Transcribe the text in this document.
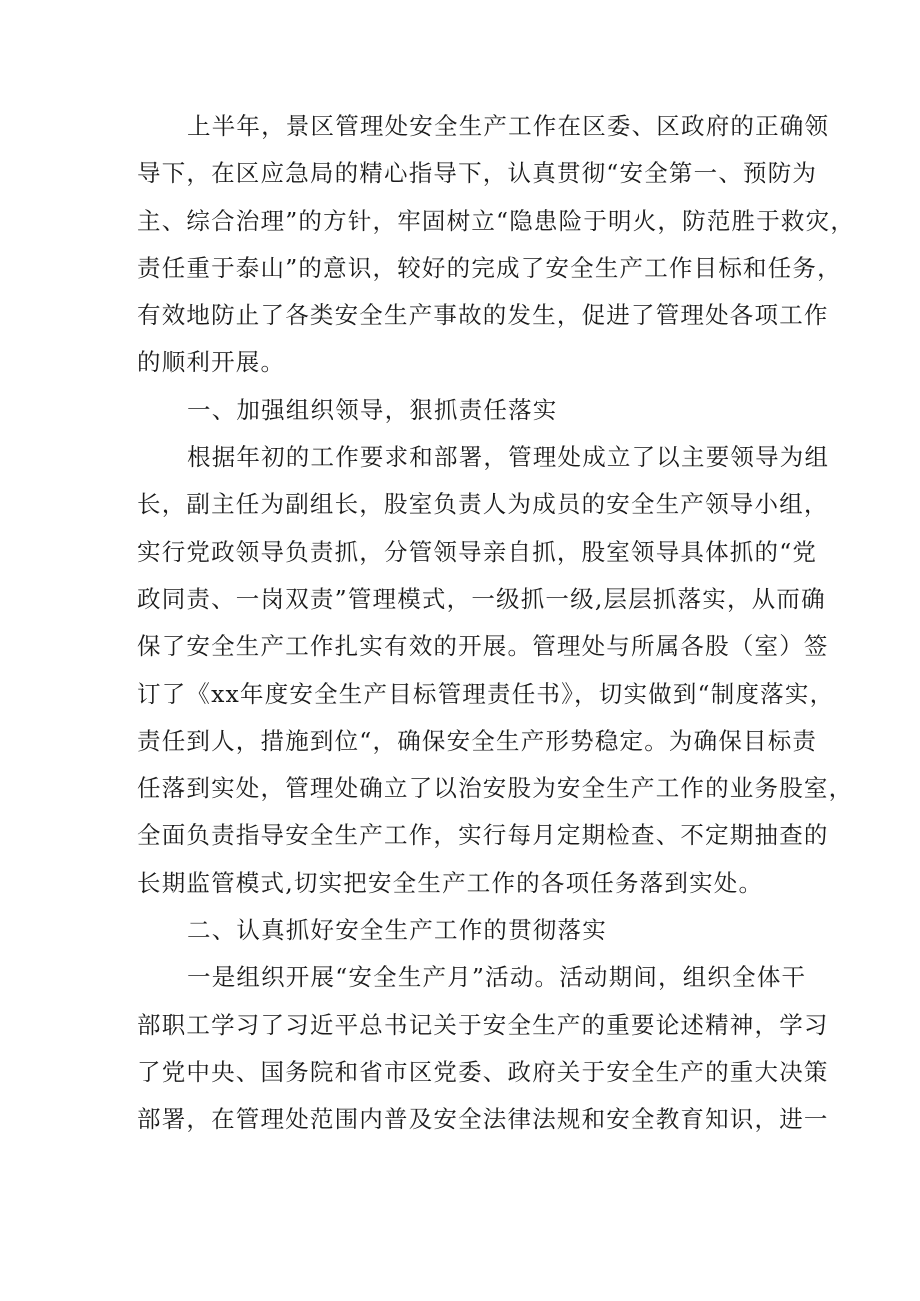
上半年，景区管理处安全生产工作在区委、区政府的正确领
导下，在区应急局的精心指导下，认真贯彻“安全第一、预防为
主、综合治理”的方针，牢固树立“隐患险于明火，防范胜于救灾，
责任重于泰山”的意识，较好的完成了安全生产工作目标和任务，
有效地防止了各类安全生产事故的发生，促进了管理处各项工作
的顺利开展。
一、加强组织领导，狠抓责任落实
根据年初的工作要求和部署，管理处成立了以主要领导为组
长，副主任为副组长，股室负责人为成员的安全生产领导小组，
实行党政领导负责抓，分管领导亲自抓，股室领导具体抓的“党
政同责、一岗双责”管理模式，一级抓一级,层层抓落实，从而确
保了安全生产工作扎实有效的开展。管理处与所属各股（室）签
订了《xx年度安全生产目标管理责任书》，切实做到“制度落实，
责任到人，措施到位“，确保安全生产形势稳定。为确保目标责
任落到实处，管理处确立了以治安股为安全生产工作的业务股室，
全面负责指导安全生产工作，实行每月定期检查、不定期抽查的
长期监管模式,切实把安全生产工作的各项任务落到实处。
二、认真抓好安全生产工作的贯彻落实
一是组织开展“安全生产月”活动。活动期间，组织全体干
部职工学习了习近平总书记关于安全生产的重要论述精神，学习
了党中央、国务院和省市区党委、政府关于安全生产的重大决策
部署，在管理处范围内普及安全法律法规和安全教育知识，进一
